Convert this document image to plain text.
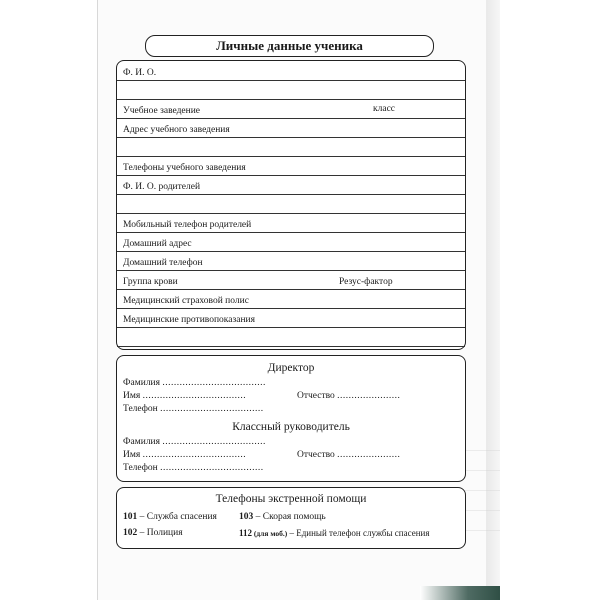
Личные данные ученика
Ф. И. О.
Учебное заведение	класс
Адрес учебного заведения
Телефоны учебного заведения
Ф. И. О. родителей
Мобильный телефон родителей
Домашний адрес
Домашний телефон
Группа крови	Резус-фактор
Медицинский страховой полис
Медицинские противопоказания
Директор
Фамилия ....................................
Имя ....................................	Отчество ......................
Телефон ....................................
Классный руководитель
Фамилия ....................................
Имя ....................................	Отчество ......................
Телефон ....................................
Телефоны экстренной помощи
101 – Служба спасения 103 – Скорая помощь
102 – Полиция	112 (для моб.) – Единый телефон службы спасения
